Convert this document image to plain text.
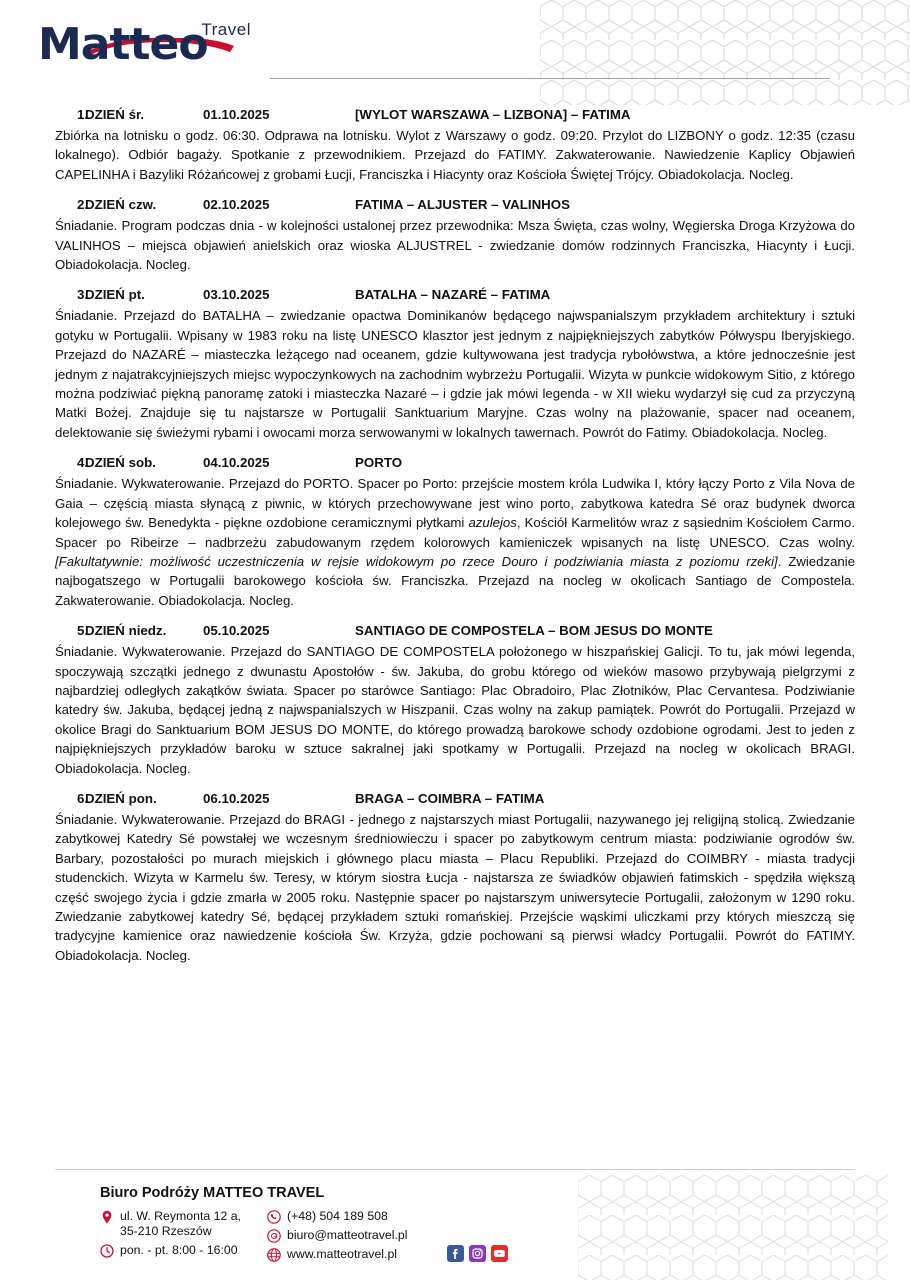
Matteo
Travel

1.DZIEŃ śr.	01.10.2025	[WYLOT WARSZAWA – LIZBONA] – FATIMA

Zbiórka na lotnisku o godz. 06:30. Odprawa na lotnisku. Wylot z Warszawy o godz. 09:20. Przylot do LIZBONY o godz. 12:35 (czasu lokalnego). Odbiór bagaży. Spotkanie z przewodnikiem. Przejazd do FATIMY. Zakwaterowanie. Nawiedzenie Kaplicy Objawień CAPELINHA i Bazyliki Różańcowej z grobami Łucji, Franciszka i Hiacynty oraz Kościoła Świętej Trójcy. Obiadokolacja. Nocleg.

2.DZIEŃ czw.	02.10.2025	FATIMA – ALJUSTER – VALINHOS

Śniadanie. Program podczas dnia - w kolejności ustalonej przez przewodnika: Msza Święta, czas wolny, Węgierska Droga Krzyżowa do VALINHOS – miejsca objawień anielskich oraz wioska ALJUSTREL - zwiedzanie domów rodzinnych Franciszka, Hiacynty i Łucji. Obiadokolacja. Nocleg.

3.DZIEŃ pt.	03.10.2025	BATALHA – NAZARÉ – FATIMA

Śniadanie. Przejazd do BATALHA – zwiedzanie opactwa Dominikanów będącego najwspanialszym przykładem architektury i sztuki gotyku w Portugalii. Wpisany w 1983 roku na listę UNESCO klasztor jest jednym z najpiękniejszych zabytków Półwyspu Iberyjskiego. Przejazd do NAZARÉ – miasteczka leżącego nad oceanem, gdzie kultywowana jest tradycja rybołówstwa, a które jednocześnie jest jednym z najatrakcyjniejszych miejsc wypoczynkowych na zachodnim wybrzeżu Portugalii. Wizyta w punkcie widokowym Sitio, z którego można podziwiać piękną panoramę zatoki i miasteczka Nazaré – i gdzie jak mówi legenda - w XII wieku wydarzył się cud za przyczyną Matki Bożej. Znajduje się tu najstarsze w Portugalii Sanktuarium Maryjne. Czas wolny na plażowanie, spacer nad oceanem, delektowanie się świeżymi rybami i owocami morza serwowanymi w lokalnych tawernach. Powrót do Fatimy. Obiadokolacja. Nocleg.

4.DZIEŃ sob.	04.10.2025	PORTO

Śniadanie. Wykwaterowanie. Przejazd do PORTO. Spacer po Porto: przejście mostem króla Ludwika I, który łączy Porto z Vila Nova de Gaia – częścią miasta słynącą z piwnic, w których przechowywane jest wino porto, zabytkowa katedra Sé oraz budynek dworca kolejowego św. Benedykta - piękne ozdobione ceramicznymi płytkami azulejos, Kościół Karmelitów wraz z sąsiednim Kościołem Carmo. Spacer po Ribeirze – nadbrzeżu zabudowanym rzędem kolorowych kamieniczek wpisanych na listę UNESCO. Czas wolny. [Fakultatywnie: możliwość uczestniczenia w rejsie widokowym po rzece Douro i podziwiania miasta z poziomu rzeki]. Zwiedzanie najbogatszego w Portugalii barokowego kościoła św. Franciszka. Przejazd na nocleg w okolicach Santiago de Compostela. Zakwaterowanie. Obiadokolacja. Nocleg.

5.DZIEŃ niedz.	05.10.2025	SANTIAGO DE COMPOSTELA – BOM JESUS DO MONTE

Śniadanie. Wykwaterowanie. Przejazd do SANTIAGO DE COMPOSTELA położonego w hiszpańskiej Galicji. To tu, jak mówi legenda, spoczywają szczątki jednego z dwunastu Apostołów - św. Jakuba, do grobu którego od wieków masowo przybywają pielgrzymi z najbardziej odległych zakątków świata. Spacer po starówce Santiago: Plac Obradoiro, Plac Złotników, Plac Cervantesa. Podziwianie katedry św. Jakuba, będącej jedną z najwspanialszych w Hiszpanii. Czas wolny na zakup pamiątek. Powrót do Portugalii. Przejazd w okolice Bragi do Sanktuarium BOM JESUS DO MONTE, do którego prowadzą barokowe schody ozdobione ogrodami. Jest to jeden z najpiękniejszych przykładów baroku w sztuce sakralnej jaki spotkamy w Portugalii. Przejazd na nocleg w okolicach BRAGI. Obiadokolacja. Nocleg.

6.DZIEŃ pon.	06.10.2025	BRAGA – COIMBRA – FATIMA

Śniadanie. Wykwaterowanie. Przejazd do BRAGI - jednego z najstarszych miast Portugalii, nazywanego jej religijną stolicą. Zwiedzanie zabytkowej Katedry Sé powstałej we wczesnym średniowieczu i spacer po zabytkowym centrum miasta: podziwianie ogrodów św. Barbary, pozostałości po murach miejskich i głównego placu miasta – Placu Republiki. Przejazd do COIMBRY - miasta tradycji studenckich. Wizyta w Karmelu św. Teresy, w którym siostra Łucja - najstarsza ze świadków objawień fatimskich - spędziła większą część swojego życia i gdzie zmarła w 2005 roku. Następnie spacer po najstarszym uniwersytecie Portugalii, założonym w 1290 roku. Zwiedzanie zabytkowej katedry Sé, będącej przykładem sztuki romańskiej. Przejście wąskimi uliczkami przy których mieszczą się tradycyjne kamienice oraz nawiedzenie kościoła Św. Krzyża, gdzie pochowani są pierwsi władcy Portugalii. Powrót do FATIMY. Obiadokolacja. Nocleg.

Biuro Podróży MATTEO TRAVEL
ul. W. Reymonta 12 a,
35-210 Rzeszów
pon. - pt. 8:00 - 16:00
(+48) 504 189 508
biuro@matteotravel.pl
www.matteotravel.pl
